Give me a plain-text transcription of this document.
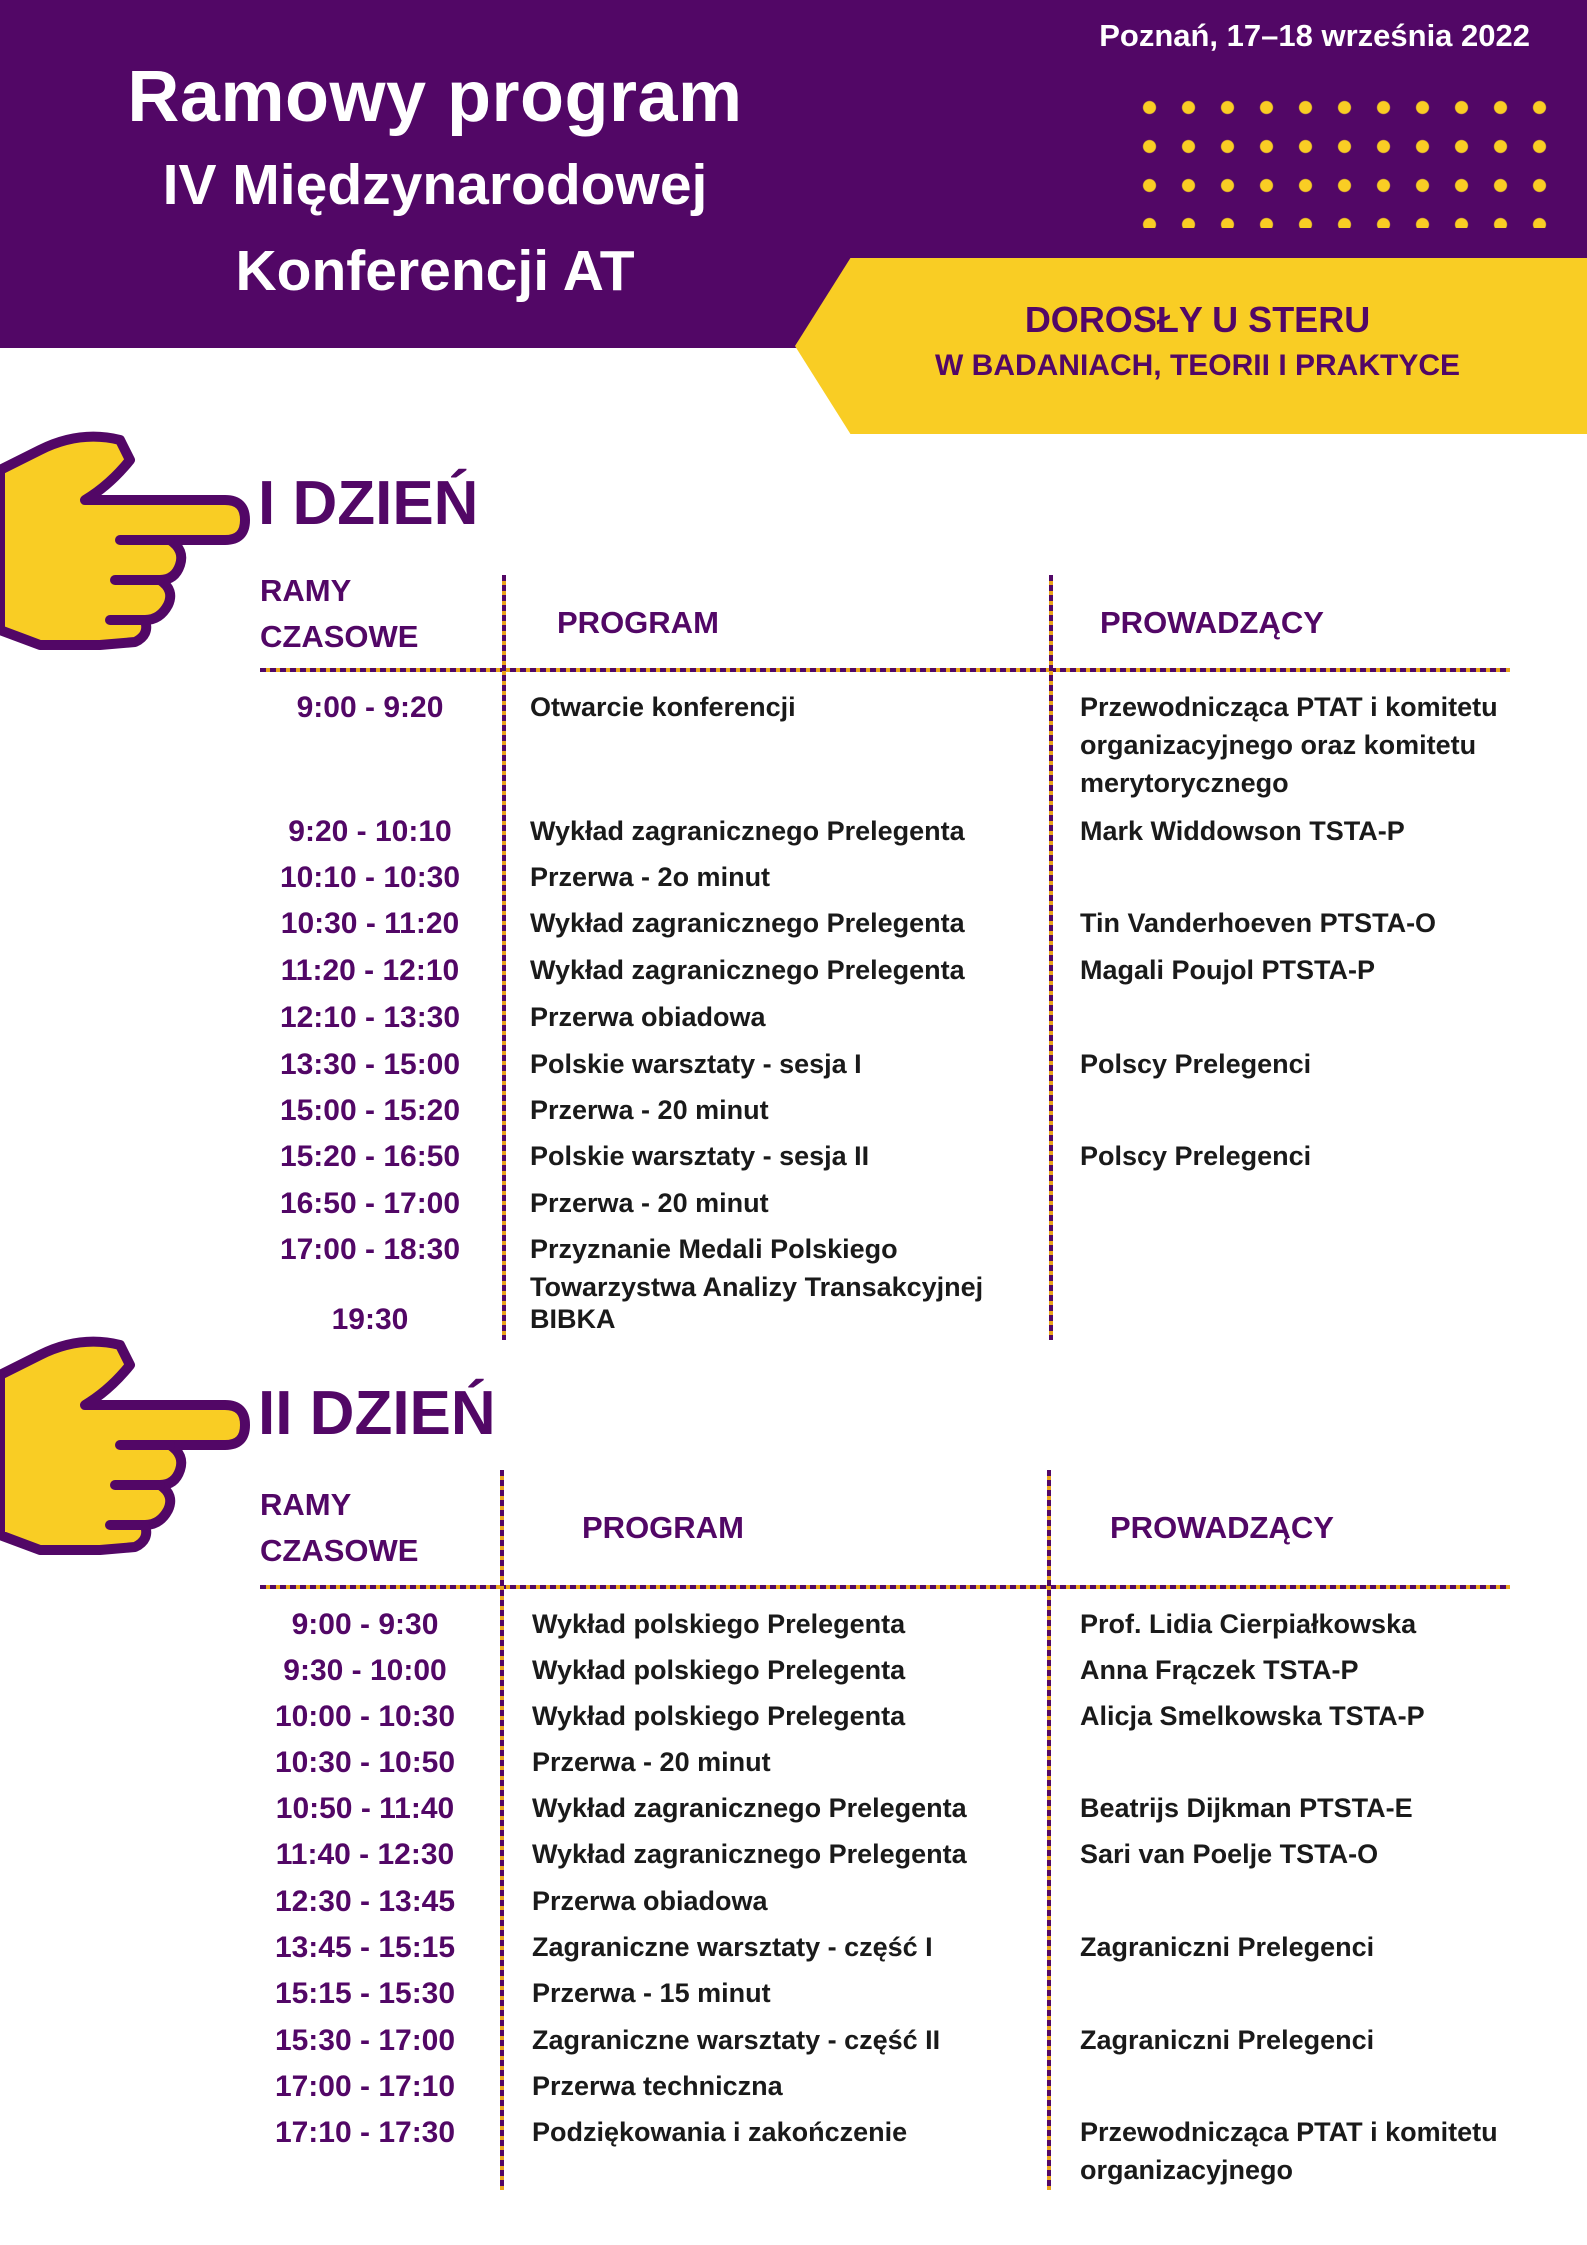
Ramowy program
IV Międzynarodowej
Konferencji AT
Poznań, 17–18 września 2022
DOROSŁY U STERU
W BADANIACH, TEORII I PRAKTYCE
I DZIEŃ
RAMY
CZASOWE	PROGRAM	PROWADZĄCY
9:00 - 9:20	Otwarcie konferencji	Przewodnicząca PTAT i komitetu organizacyjnego oraz komitetu merytorycznego
9:20 - 10:10	Wykład zagranicznego Prelegenta	Mark Widdowson TSTA-P
10:10 - 10:30	Przerwa - 2o minut
10:30 - 11:20	Wykład zagranicznego Prelegenta	Tin Vanderhoeven PTSTA-O
11:20 - 12:10	Wykład zagranicznego Prelegenta	Magali Poujol PTSTA-P
12:10 - 13:30	Przerwa obiadowa
13:30 - 15:00	Polskie warsztaty - sesja I	Polscy Prelegenci
15:00 - 15:20	Przerwa - 20 minut
15:20 - 16:50	Polskie warsztaty - sesja II	Polscy Prelegenci
16:50 - 17:00	Przerwa - 20 minut
17:00 - 18:30	Przyznanie Medali Polskiego Towarzystwa Analizy Transakcyjnej
19:30	BIBKA
II DZIEŃ
RAMY
CZASOWE
PROGRAM	PROWADZĄCY
9:00 - 9:30	Wykład polskiego Prelegenta	Prof. Lidia Cierpiałkowska
9:30 - 10:00	Wykład polskiego Prelegenta	Anna Frączek TSTA-P
10:00 - 10:30	Wykład polskiego Prelegenta	Alicja Smelkowska TSTA-P
10:30 - 10:50	Przerwa - 20 minut
10:50 - 11:40	Wykład zagranicznego Prelegenta	Beatrijs Dijkman PTSTA-E
11:40 - 12:30	Wykład zagranicznego Prelegenta	Sari van Poelje TSTA-O
12:30 - 13:45	Przerwa obiadowa
13:45 - 15:15	Zagraniczne warsztaty - część I	Zagraniczni Prelegenci
15:15 - 15:30	Przerwa - 15 minut
15:30 - 17:00	Zagraniczne warsztaty - część II	Zagraniczni Prelegenci
17:00 - 17:10	Przerwa techniczna
17:10 - 17:30	Podziękowania i zakończenie	Przewodnicząca PTAT i komitetu organizacyjnego
